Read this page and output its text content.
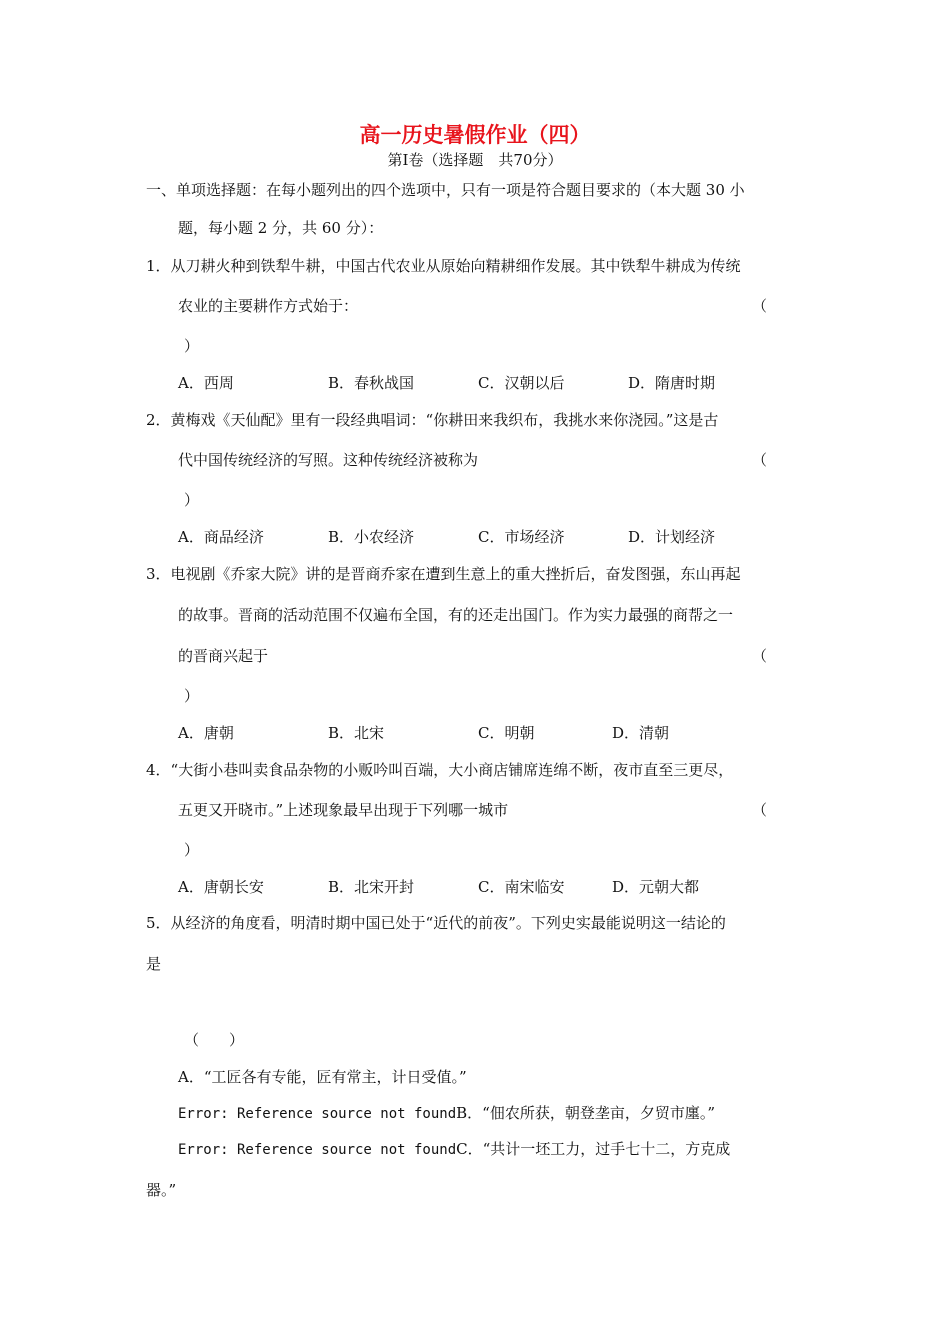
高一历史暑假作业（四）
第Ⅰ卷（选择题　共70分）
一、单项选择题：在每小题列出的四个选项中，只有一项是符合题目要求的（本大题 30 小
题，每小题 2 分，共 60 分）：
1．从刀耕火种到铁犁牛耕，中国古代农业从原始向精耕细作发展。其中铁犁牛耕成为传统
农业的主要耕作方式始于：	（
）
A．西周	B．春秋战国	C．汉朝以后	D．隋唐时期
2．黄梅戏《天仙配》里有一段经典唱词：“你耕田来我织布，我挑水来你浇园。”这是古
代中国传统经济的写照。这种传统经济被称为	（
）
A．商品经济	B．小农经济	C．市场经济	D．计划经济
3．电视剧《乔家大院》讲的是晋商乔家在遭到生意上的重大挫折后，奋发图强，东山再起
的故事。晋商的活动范围不仅遍布全国，有的还走出国门。作为实力最强的商帮之一
的晋商兴起于	（
）
A．唐朝	B．北宋	C．明朝	D．清朝
4．“大街小巷叫卖食品杂物的小贩吟叫百端，大小商店铺席连绵不断，夜市直至三更尽，
五更又开晓市。”上述现象最早出现于下列哪一城市	（
）
A．唐朝长安	B．北宋开封	C．南宋临安	D．元朝大都
5．从经济的角度看，明清时期中国已处于“近代的前夜”。下列史实最能说明这一结论的
是
（　　）
A．“工匠各有专能，匠有常主，计日受值。”
Error: Reference source not foundB．“佃农所获，朝登垄亩，夕贸市廛。”
Error: Reference source not foundC．“共计一坯工力，过手七十二，方克成
器。”
